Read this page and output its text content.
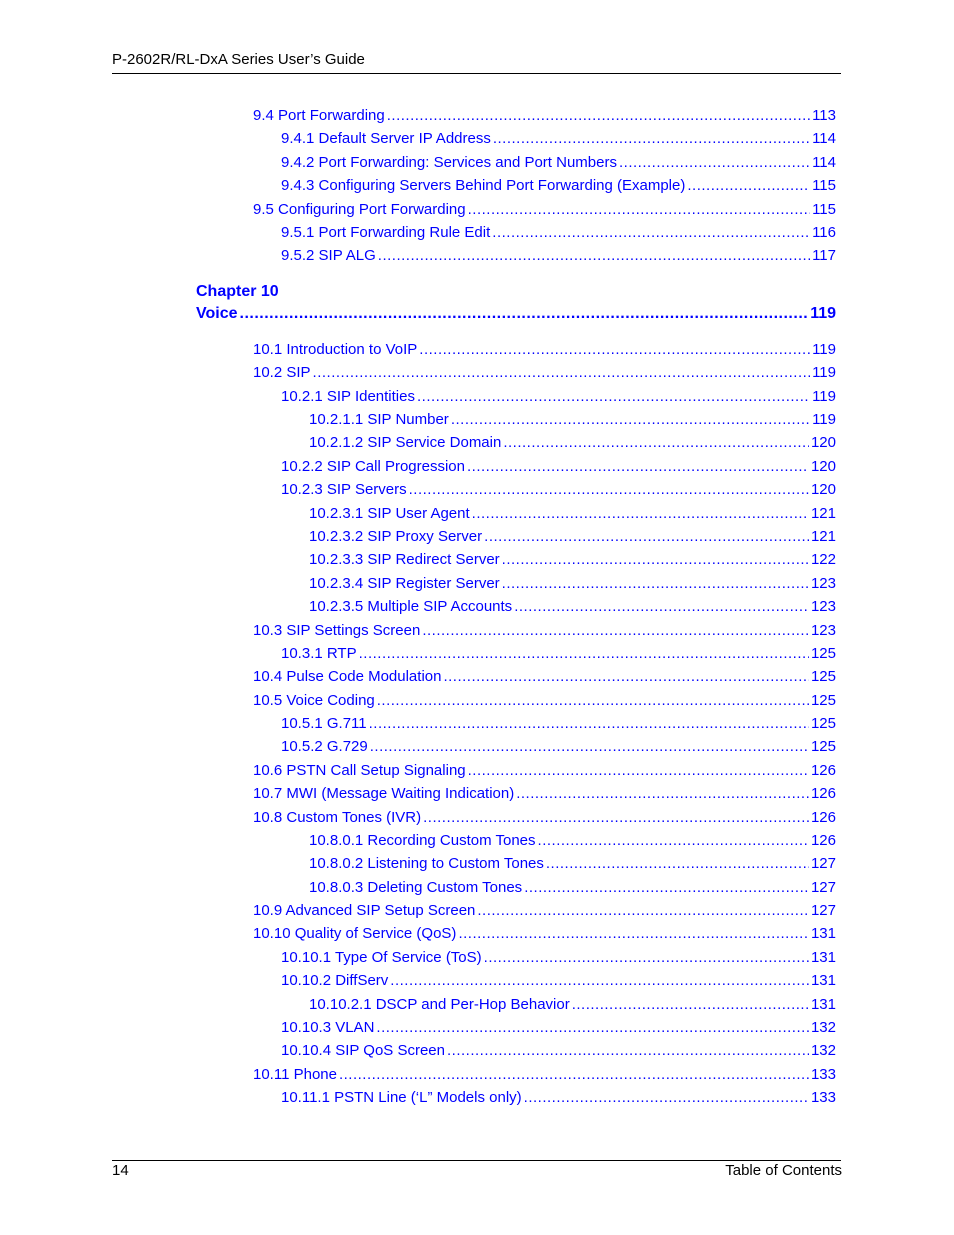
P-2602R/RL-DxA Series User’s Guide
9.4 Port Forwarding .....	113
9.4.1 Default Server IP Address .....	114
9.4.2 Port Forwarding: Services and Port Numbers .....	114
9.4.3 Configuring Servers Behind Port Forwarding (Example) .....	115
9.5 Configuring Port Forwarding .....	115
9.5.1 Port Forwarding Rule Edit .....	116
9.5.2 SIP ALG .....	117
Chapter 10
Voice .....	119
10.1 Introduction to VoIP .....	119
10.2 SIP .....	119
10.2.1 SIP Identities .....	119
10.2.1.1 SIP Number .....	119
10.2.1.2 SIP Service Domain .....	120
10.2.2 SIP Call Progression .....	120
10.2.3 SIP Servers .....	120
10.2.3.1 SIP User Agent .....	121
10.2.3.2 SIP Proxy Server .....	121
10.2.3.3 SIP Redirect Server .....	122
10.2.3.4 SIP Register Server .....	123
10.2.3.5 Multiple SIP Accounts .....	123
10.3 SIP Settings Screen .....	123
10.3.1 RTP .....	125
10.4 Pulse Code Modulation .....	125
10.5 Voice Coding .....	125
10.5.1 G.711 .....	125
10.5.2 G.729 .....	125
10.6 PSTN Call Setup Signaling .....	126
10.7 MWI (Message Waiting Indication) .....	126
10.8 Custom Tones (IVR) .....	126
10.8.0.1 Recording Custom Tones .....	126
10.8.0.2 Listening to Custom Tones .....	127
10.8.0.3 Deleting Custom Tones .....	127
10.9 Advanced SIP Setup Screen .....	127
10.10 Quality of Service (QoS) .....	131
10.10.1 Type Of Service (ToS) .....	131
10.10.2 DiffServ .....	131
10.10.2.1 DSCP and Per-Hop Behavior .....	131
10.10.3 VLAN .....	132
10.10.4 SIP QoS Screen .....	132
10.11 Phone .....	133
10.11.1 PSTN Line (‘L” Models only) .....	133
14	Table of Contents
